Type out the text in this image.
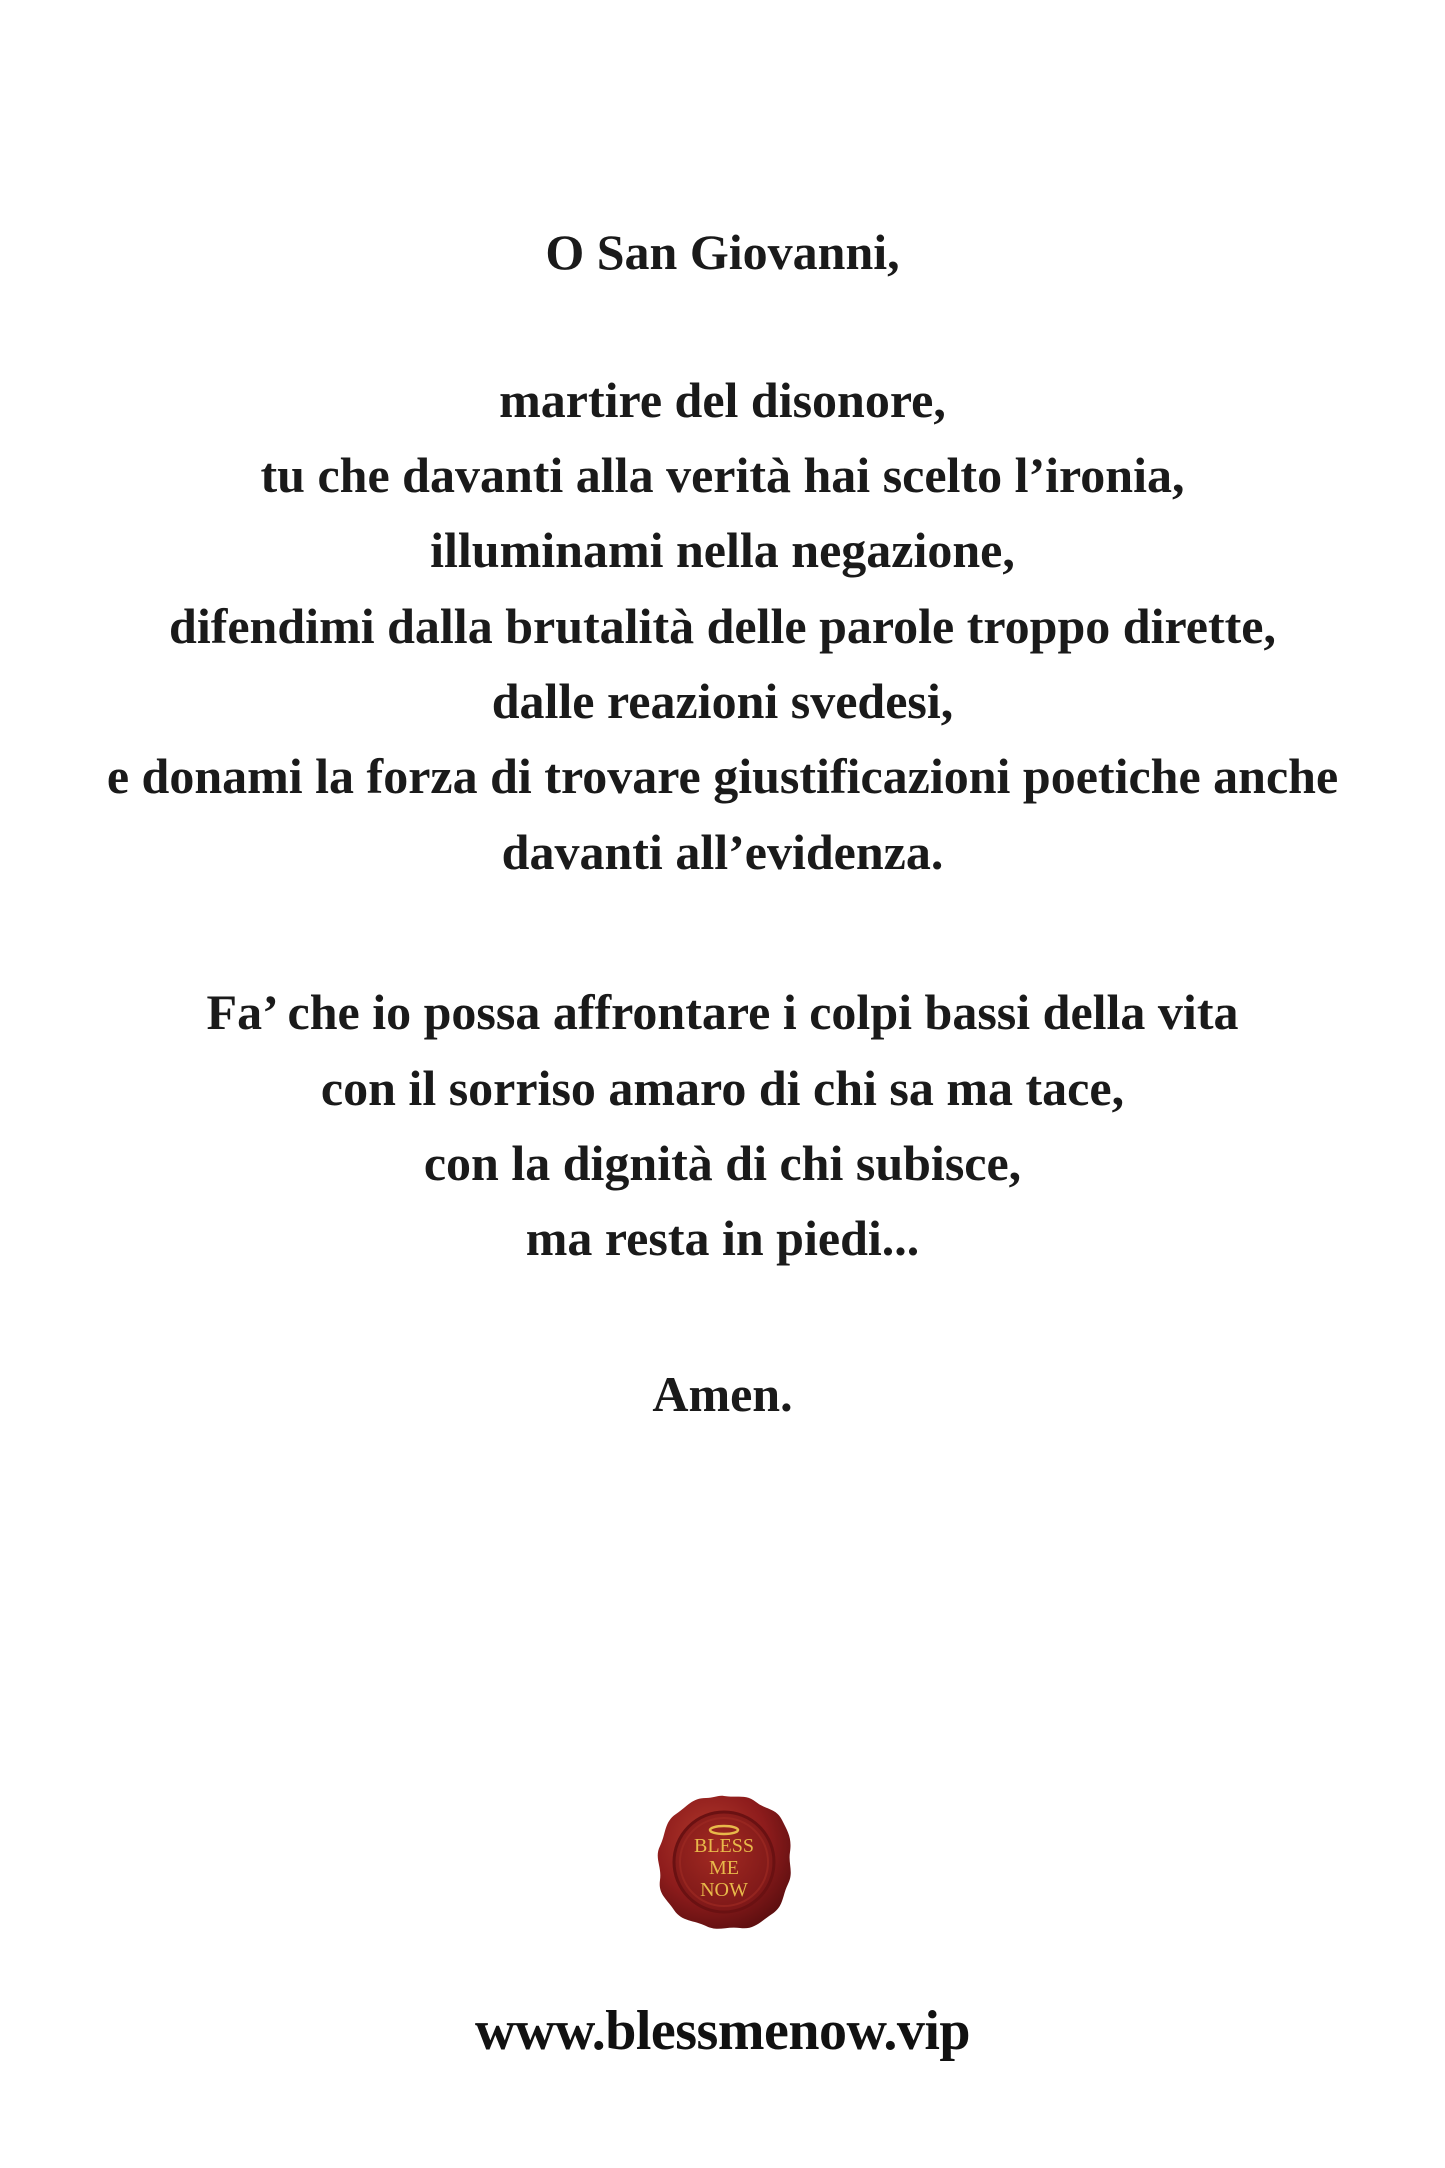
O San Giovanni,
martire del disonore,
tu che davanti alla verità hai scelto l’ironia,
illuminami nella negazione,
difendimi dalla brutalità delle parole troppo dirette,
dalle reazioni svedesi,
e donami la forza di trovare giustificazioni poetiche anche
davanti all’evidenza.
Fa’ che io possa affrontare i colpi bassi della vita
con il sorriso amaro di chi sa ma tace,
con la dignità di chi subisce,
ma resta in piedi...
Amen.
BLESS
ME
NOW
www.blessmenow.vip
